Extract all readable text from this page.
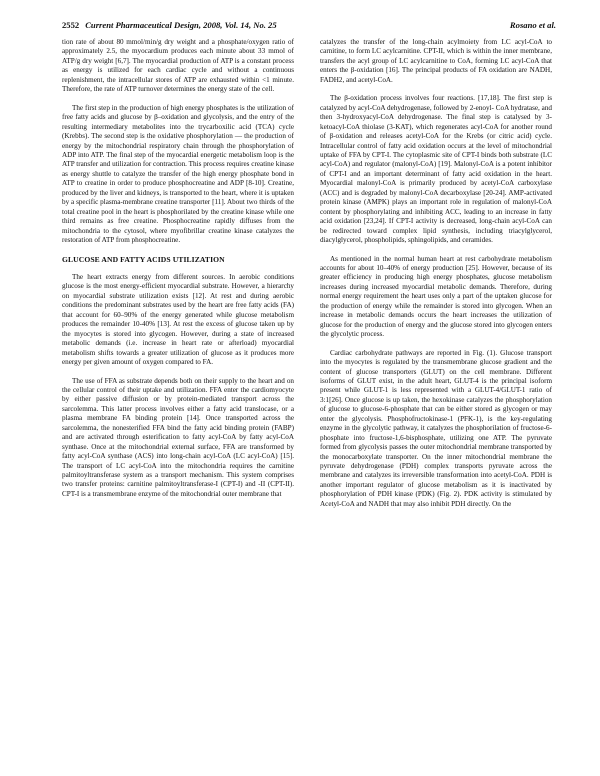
2552 Current Pharmaceutical Design, 2008, Vol. 14, No. 25	Rosano et al.

tion rate of about 80 mmol/min/g dry weight and a phosphate/oxygen ratio of approximately 2.5, the myocardium produces each minute about 33 mmol of ATP/g dry weight [6,7]. The myocardial production of ATP is a constant process as energy is utilized for each cardiac cycle and without a continuous replenishment, the intracellular stores of ATP are exhausted within <1 minute. Therefore, the rate of ATP turnover determines the energy state of the cell.

The first step in the production of high energy phosphates is the utilization of free fatty acids and glucose by β–oxidation and glycolysis, and the entry of the resulting intermediary metabolites into the trycarboxilic acid (TCA) cycle (Krebbs). The second step is the oxidative phosphorylation — the production of energy by the mitochondrial respiratory chain through the phosphorylation of ADP into ATP. The final step of the myocardial energetic metabolism loop is the ATP transfer and utilization for contraction. This process requires creatine kinase as energy shuttle to catalyze the transfer of the high energy phosphate bond in ATP to creatine in order to produce phosphocreatine and ADP [8-10]. Creatine, produced by the liver and kidneys, is transported to the heart, where it is uptaken by a specific plasma-membrane creatine transporter [11]. About two thirds of the total creatine pool in the heart is phosphorilated by the creatine kinase while one third remains as free creatine. Phosphocreatine rapidly diffuses from the mitochondria to the cytosol, where myofibrillar creatine kinase catalyzes the restoration of ATP from phosphocreatine.

GLUCOSE AND FATTY ACIDS UTILIZATION

The heart extracts energy from different sources. In aerobic conditions glucose is the most energy-efficient myocardial substrate. However, a hierarchy on myocardial substrate utilization exists [12]. At rest and during aerobic conditions the predominant substrates used by the heart are free fatty acids (FA) that account for 60–90% of the energy generated while glucose metabolism produces the remainder 10-40% [13]. At rest the excess of glucose taken up by the myocytes is stored into glycogen. However, during a state of increased metabolic demands (i.e. increase in heart rate or afterload) myocardial metabolism shifts towards a greater utilization of glucose as it produces more energy per given amount of oxygen compared to FA.

The use of FFA as substrate depends both on their supply to the heart and on the cellular control of their uptake and utilization. FFA enter the cardiomyocyte by either passive diffusion or by protein-mediated transport across the sarcolemma. This latter process involves either a fatty acid translocase, or a plasma membrane FA binding protein [14]. Once transported across the sarcolemma, the nonesterified FFA bind the fatty acid binding protein (FABP) and are activated through esterification to fatty acyl-CoA by fatty acyl-CoA synthase. Once at the mitochondrial external surface, FFA are transformed by fatty acyl-CoA synthase (ACS) into long-chain acyl-CoA (LC acyl-CoA) [15]. The transport of LC acyl-CoA into the mitochondria requires the carnitine palmitoyltransferase system as a transport mechanism. This system comprises two transfer proteins: carnitine palmitoyltransferase-I (CPT-I) and -II (CPT-II). CPT-I is a transmembrane enzyme of the mitochondrial outer membrane that

catalyzes the transfer of the long-chain acylmoiety from LC acyl-CoA to carnitine, to form LC acylcarnitine. CPT-II, which is within the inner membrane, transfers the acyl group of LC acylcarnitine to CoA, forming LC acyl-CoA that enters the β-oxidation [16]. The principal products of FA oxidation are NADH, FADH2, and acetyl-CoA.

The β-oxidation process involves four reactions. [17,18]. The first step is catalyzed by acyl-CoA dehydrogenase, followed by 2-enoyl- CoA hydratase, and then 3-hydroxyacyl-CoA dehydrogenase. The final step is catalysed by 3-ketoacyl-CoA thiolase (3-KAT), which regenerates acyl-CoA for another round of β-oxidation and releases acetyl-CoA for the Krebs (or citric acid) cycle. Intracellular control of fatty acid oxidation occurs at the level of mitochondrial uptake of FFA by CPT-I. The cytoplasmic site of CPT-I binds both substrate (LC acyl-CoA) and regulator (malonyl-CoA) [19]. Malonyl-CoA is a potent inhibitor of CPT-I and an important determinant of fatty acid oxidation in the heart. Myocardial malonyl-CoA is primarily produced by acetyl-CoA carboxylase (ACC) and is degraded by malonyl-CoA decarboxylase [20-24]. AMP-activated protein kinase (AMPK) plays an important role in regulation of malonyl-CoA content by phosphorylating and inhibiting ACC, leading to an increase in fatty acid oxidation [23,24]. If CPT-I activity is decreased, long-chain acyl-CoA can be redirected toward complex lipid synthesis, including triacylglycerol, diacylglycerol, phospholipids, sphingolipids, and ceramides.

As mentioned in the normal human heart at rest carbohydrate metabolism accounts for about 10–40% of energy production [25]. However, because of its greater efficiency in producing high energy phosphates, glucose metabolism increases during increased myocardial metabolic demands. Therefore, during normal energy requirement the heart uses only a part of the uptaken glucose for the production of energy while the remainder is stored into glycogen. When an increase in metabolic demands occurs the heart increases the utilization of glucose for the production of energy and the glucose stored into glycogen enters the glycolytic process.

Cardiac carbohydrate pathways are reported in Fig. (1). Glucose transport into the myocytes is regulated by the transmembrane glucose gradient and the content of glucose transporters (GLUT) on the cell membrane. Different isoforms of GLUT exist, in the adult heart, GLUT-4 is the principal isoform present while GLUT-1 is less represented with a GLUT-4/GLUT-1 ratio of 3:1[26]. Once glucose is up taken, the hexokinase catalyzes the phosphorylation of glucose to glucose-6-phosphate that can be either stored as glycogen or may enter the glycolysis. Phosphofructokinase-1 (PFK-1), is the key-regulating enzyme in the glycolytic pathway, it catalyzes the phosphorilation of fructose-6-phosphate into fructose-1,6-bisphosphate, utilizing one ATP. The pyruvate formed from glycolysis passes the outer mitochondrial membrane transported by the monocarboxylate transporter. On the inner mitochondrial membrane the pyruvate dehydrogenase (PDH) complex transports pyruvate across the membrane and catalyzes its irreversible transformation into acetyl-CoA. PDH is another important regulator of glucose metabolism as it is inactivated by phosphorylation of PDH kinase (PDK) (Fig. 2). PDK activity is stimulated by Acetyl-CoA and NADH that may also inhibit PDH directly. On the
